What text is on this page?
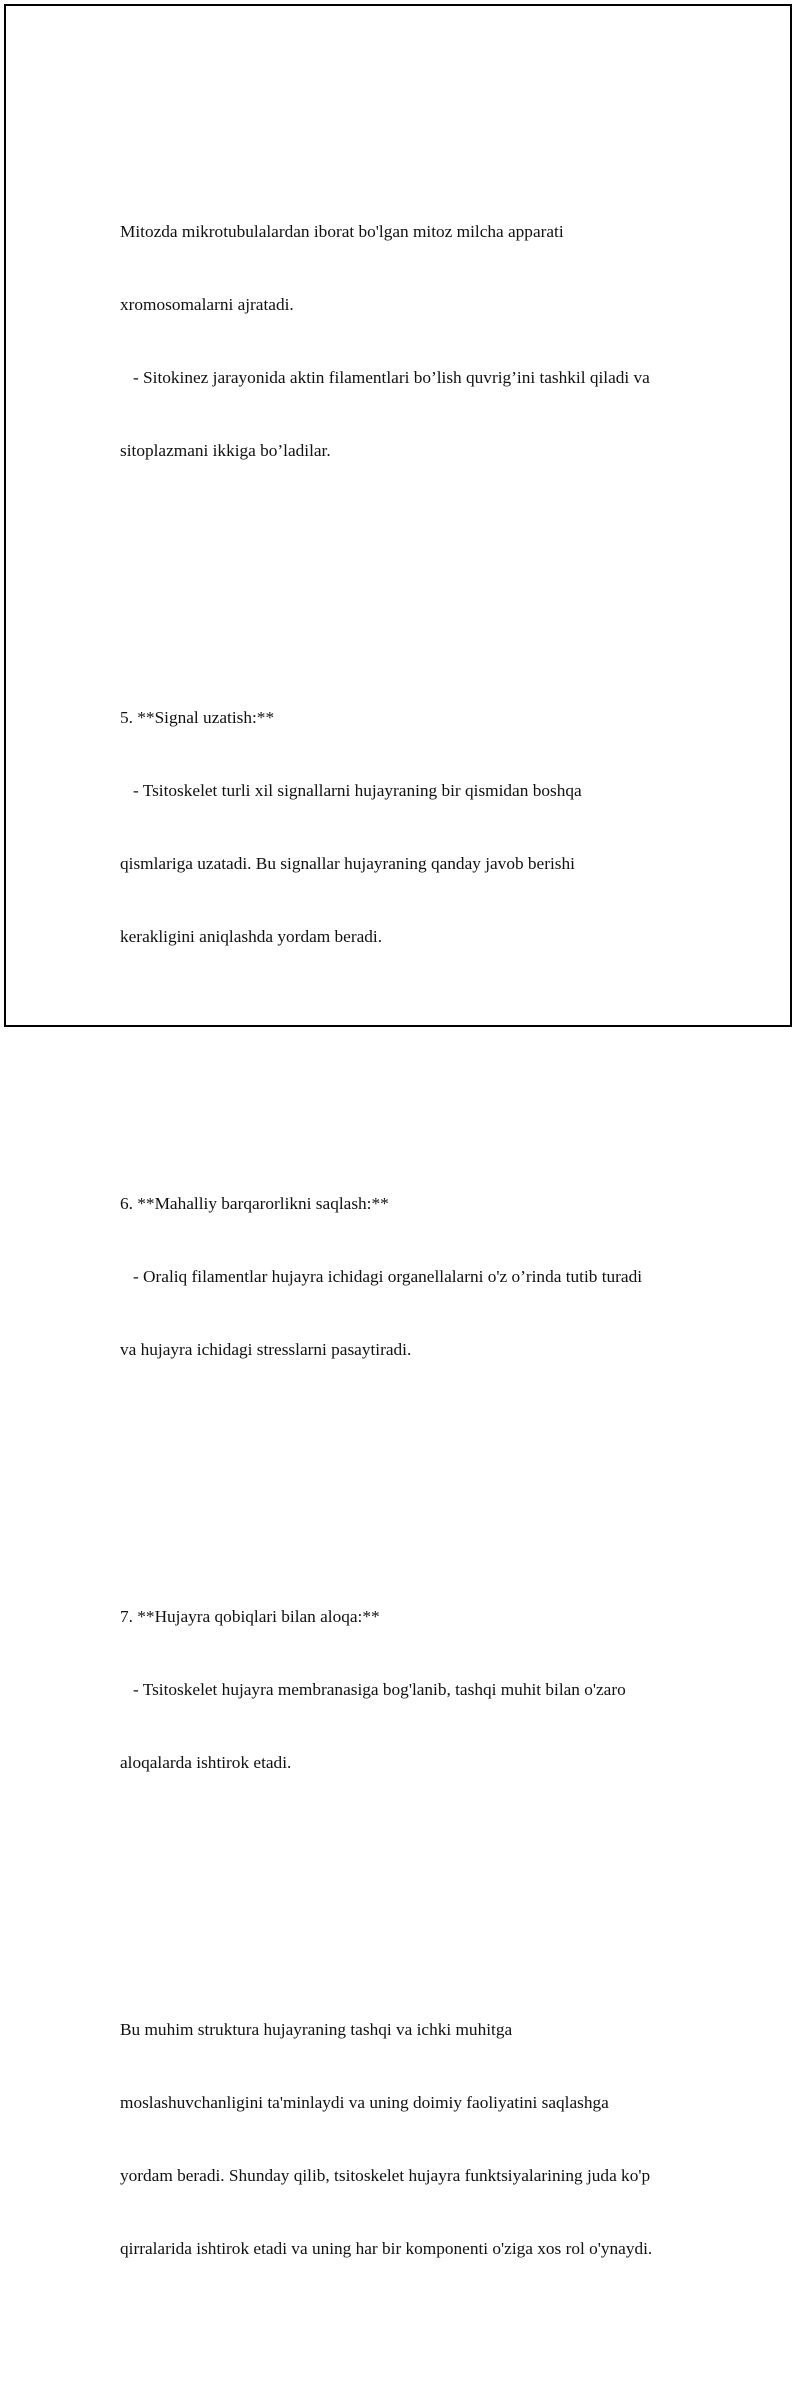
Mitozda mikrotubulalardan iborat bo'lgan mitoz milcha apparati

xromosomalarni ajratadi.

- Sitokinez jarayonida aktin filamentlari bo’lish quvrig’ini tashkil qiladi va

sitoplazmani ikkiga bo’ladilar.

5. **Signal uzatish:**

- Tsitoskelet turli xil signallarni hujayraning bir qismidan boshqa

qismlariga uzatadi. Bu signallar hujayraning qanday javob berishi

kerakligini aniqlashda yordam beradi.

6. **Mahalliy barqarorlikni saqlash:**

- Oraliq filamentlar hujayra ichidagi organellalarni o'z o’rinda tutib turadi

va hujayra ichidagi stresslarni pasaytiradi.

7. **Hujayra qobiqlari bilan aloqa:**

- Tsitoskelet hujayra membranasiga bog'lanib, tashqi muhit bilan o'zaro

aloqalarda ishtirok etadi.

Bu muhim struktura hujayraning tashqi va ichki muhitga

moslashuvchanligini ta'minlaydi va uning doimiy faoliyatini saqlashga

yordam beradi. Shunday qilib, tsitoskelet hujayra funktsiyalarining juda ko'p

qirralarida ishtirok etadi va uning har bir komponenti o'ziga xos rol o'ynaydi.
